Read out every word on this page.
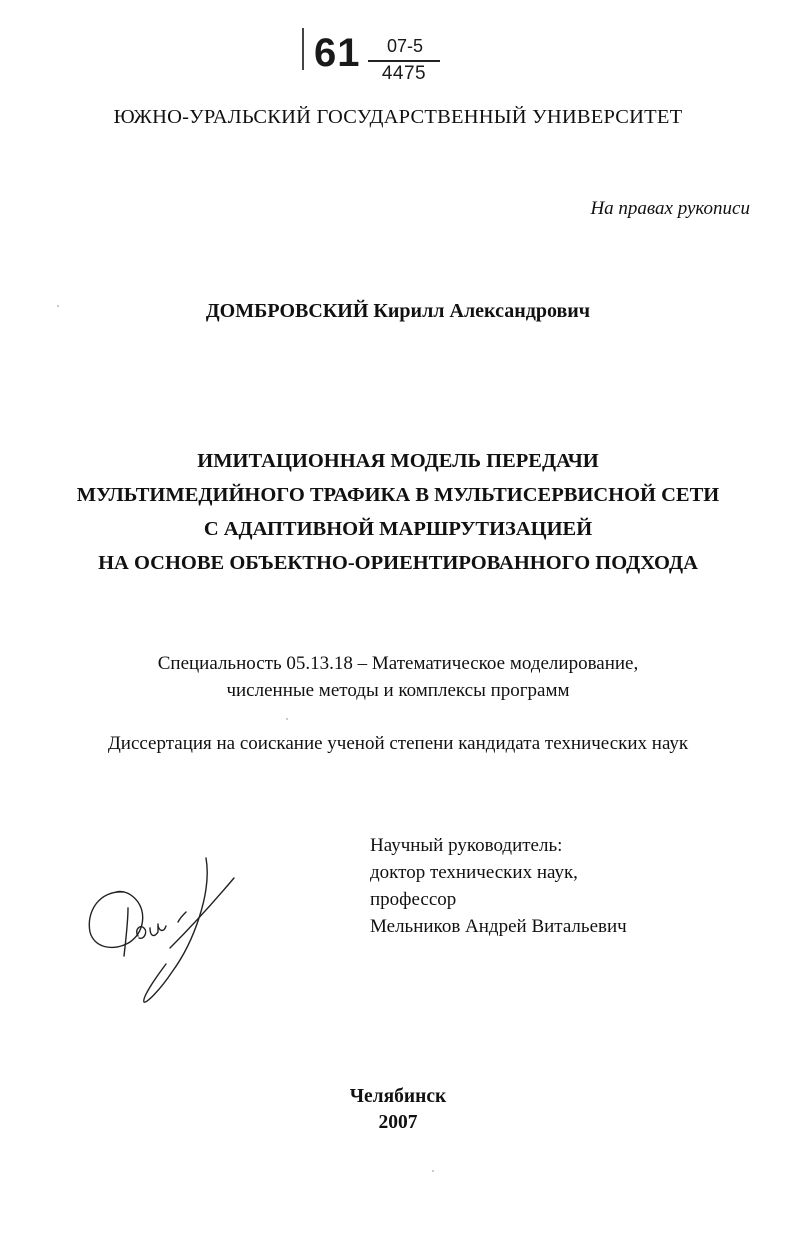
61	07-5
4475
ЮЖНО-УРАЛЬСКИЙ ГОСУДАРСТВЕННЫЙ УНИВЕРСИТЕТ
На правах рукописи
ДОМБРОВСКИЙ Кирилл Александрович
ИМИТАЦИОННАЯ МОДЕЛЬ ПЕРЕДАЧИ
МУЛЬТИМЕДИЙНОГО ТРАФИКА В МУЛЬТИСЕРВИСНОЙ СЕТИ
С АДАПТИВНОЙ МАРШРУТИЗАЦИЕЙ
НА ОСНОВЕ ОБЪЕКТНО-ОРИЕНТИРОВАННОГО ПОДХОДА
Специальность 05.13.18 – Математическое моделирование,
численные методы и комплексы программ
Диссертация на соискание ученой степени кандидата технических наук
Научный руководитель:
доктор технических наук,
профессор
Мельников Андрей Витальевич
Челябинск
2007
